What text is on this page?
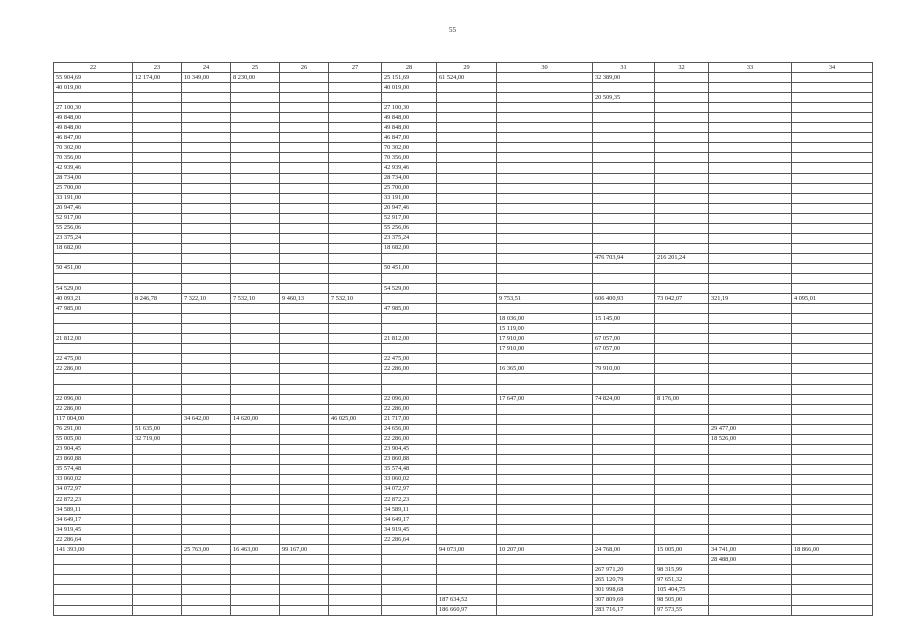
55
22	23	24	25	26	27	28	29	30	31	32	33	34
55 904,69	12 174,00	10 349,00	8 230,00			25 151,69	61 524,00		32 389,00			
40 019,00						40 019,00						
									20 509,35			
27 100,30						27 100,30						
49 848,00						49 848,00						
49 848,00						49 848,00						
46 847,00						46 847,00						
70 302,00						70 302,00						
70 356,00						70 356,00						
42 939,46						42 939,46						
28 734,00						28 734,00						
25 700,00						25 700,00						
33 191,00						33 191,00						
20 947,46						20 947,46						
52 917,00						52 917,00						
55 256,06						55 256,06						
23 375,24						23 375,24						
18 682,00						18 682,00						
									476 703,94	216 201,24		
50 451,00						50 451,00						

54 529,00						54 529,00						
40 093,21	8 246,78	7 322,10	7 532,10	9 460,13	7 532,10			9 753,51	606 400,93	73 042,07	321,19	4 095,01
47 985,00						47 985,00						
								18 036,00	15 145,00			
								15 119,00				
21 812,00						21 812,00		17 910,00	67 057,00			
								17 910,00	67 057,00			
22 475,00						22 475,00						
22 286,00						22 286,00		16 365,00	79 910,00			

22 096,00						22 096,00		17 647,00	74 824,00	8 176,00		
22 286,00						22 286,00						
117 004,00		34 642,00	14 620,00		46 025,00	21 717,00						
76 291,00	51 635,00					24 656,00					29 477,00	
55 005,00	32 719,00					22 286,00					18 526,00	
23 904,45						23 904,45						
23 860,88						23 860,88						
35 574,48						35 574,48						
33 060,02						33 060,02						
34 072,97						34 072,97						
22 872,23						22 872,23						
34 589,11						34 589,11						
34 649,17						34 649,17						
34 919,45						34 919,45						
22 286,64						22 286,64						
141 393,00		25 763,00	16 463,00	99 167,00			94 073,00	10 207,00	24 768,00	15 005,00	34 741,00	18 866,00
											28 488,00	
									267 971,20	98 315,99		
									265 120,79	97 651,32		
									301 998,68	105 404,75		
							187 634,52		307 809,69	98 505,00		
							186 660,97		283 716,17	97 573,55		
